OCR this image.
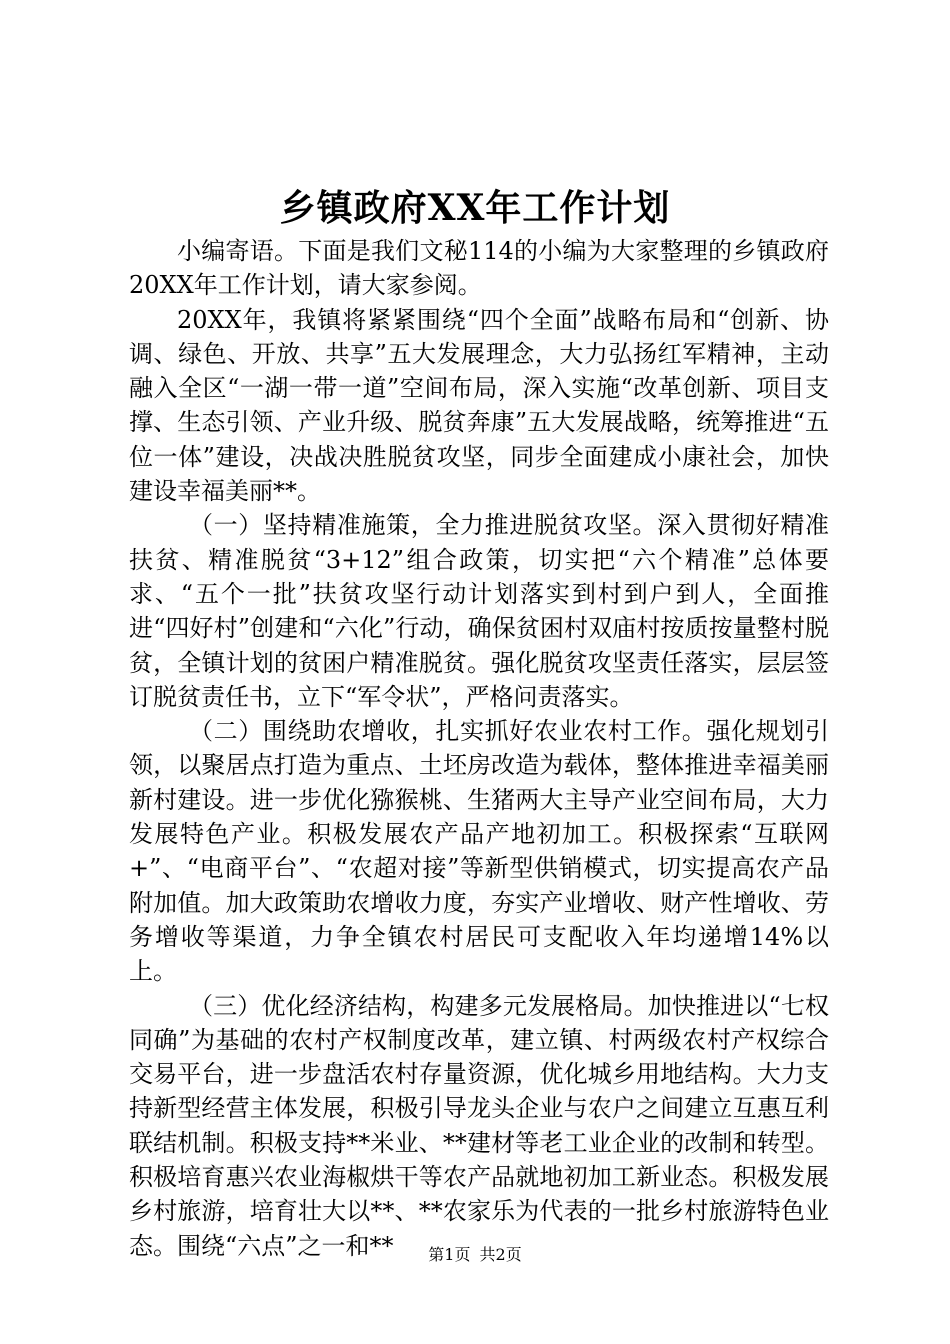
乡镇政府XX年工作计划

小编寄语。下面是我们文秘114的小编为大家整理的乡镇政府20XX年工作计划，请大家参阅。

20XX年，我镇将紧紧围绕“四个全面”战略布局和“创新、协调、绿色、开放、共享”五大发展理念，大力弘扬红军精神，主动融入全区“一湖一带一道”空间布局，深入实施“改革创新、项目支撑、生态引领、产业升级、脱贫奔康”五大发展战略，统筹推进“五位一体”建设，决战决胜脱贫攻坚，同步全面建成小康社会，加快建设幸福美丽**。

（一）坚持精准施策，全力推进脱贫攻坚。深入贯彻好精准扶贫、精准脱贫“3+12”组合政策，切实把“六个精准”总体要求、“五个一批”扶贫攻坚行动计划落实到村到户到人，全面推进“四好村”创建和“六化”行动，确保贫困村双庙村按质按量整村脱贫，全镇计划的贫困户精准脱贫。强化脱贫攻坚责任落实，层层签订脱贫责任书，立下“军令状”，严格问责落实。

（二）围绕助农增收，扎实抓好农业农村工作。强化规划引领，以聚居点打造为重点、土坯房改造为载体，整体推进幸福美丽新村建设。进一步优化猕猴桃、生猪两大主导产业空间布局，大力发展特色产业。积极发展农产品产地初加工。积极探索“互联网+”、“电商平台”、“农超对接”等新型供销模式，切实提高农产品附加值。加大政策助农增收力度，夯实产业增收、财产性增收、劳务增收等渠道，力争全镇农村居民可支配收入年均递增14%以上。

（三）优化经济结构，构建多元发展格局。加快推进以“七权同确”为基础的农村产权制度改革，建立镇、村两级农村产权综合交易平台，进一步盘活农村存量资源，优化城乡用地结构。大力支持新型经营主体发展，积极引导龙头企业与农户之间建立互惠互利联结机制。积极支持**米业、**建材等老工业企业的改制和转型。积极培育惠兴农业海椒烘干等农产品就地初加工新业态。积极发展乡村旅游，培育壮大以**、**农家乐为代表的一批乡村旅游特色业态。围绕“六点”之一和**	第1页 共2页
